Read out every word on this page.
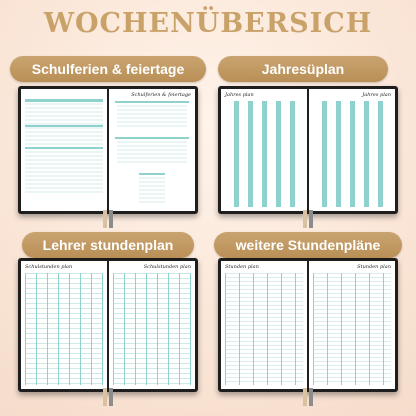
WOCHENÜBERSICH
Schulferien & feiertage
Schulferien & feiertage
Jahres plan	Jahres plan
Jahresüplan
Schulstunden plan	Schulstunden plan
Lehrer stundenplan
Stunden plan	Stunden plan
weitere Stundenpläne
